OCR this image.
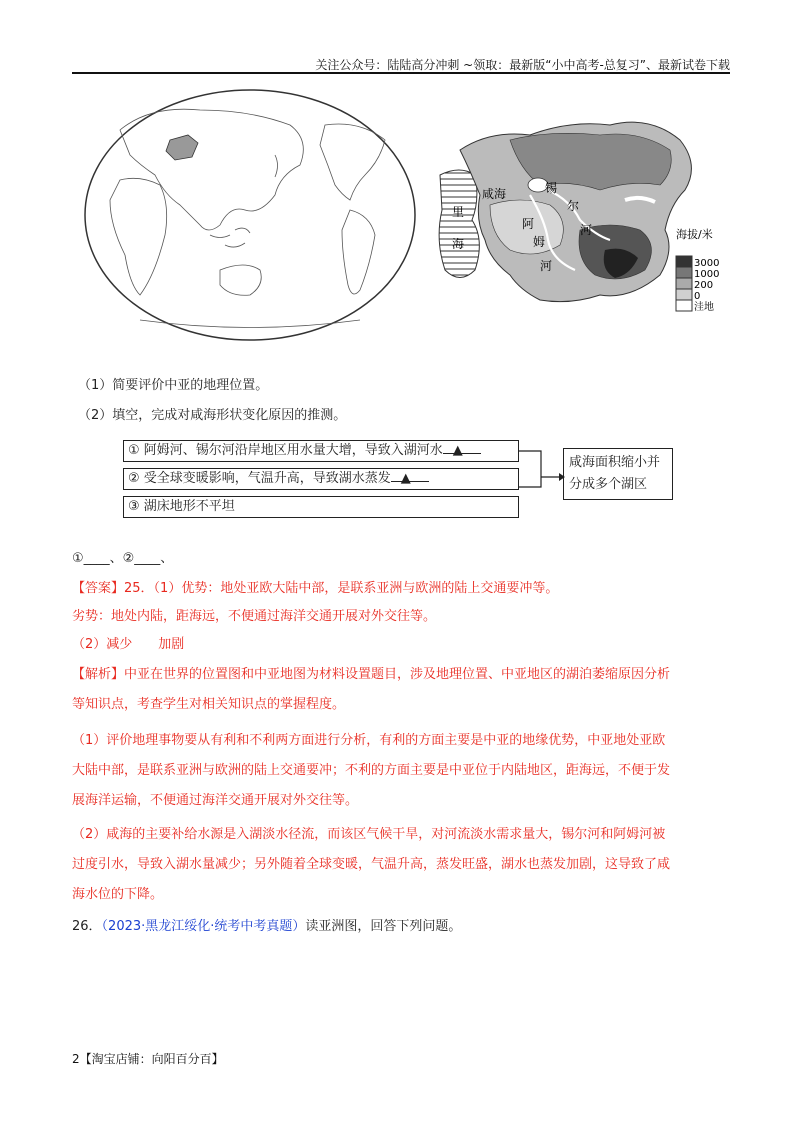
关注公众号：陆陆高分冲刺 ~领取：最新版“小中高考-总复习”、最新试卷下载
咸海
里
海
阿
姆
河
锡
尔
河	海拔/米
3000
1000
200
0
洼地
（1）简要评价中亚的地理位置。
（2）填空，完成对咸海形状变化原因的推测。
① 阿姆河、锡尔河沿岸地区用水量大增，导致入湖河水 ▲
② 受全球变暖影响，气温升高，导致湖水蒸发 ▲
③ 湖床地形不平坦
咸海面积缩小并分成多个湖区
①____、②____、
【答案】25．（1）优势：地处亚欧大陆中部，是联系亚洲与欧洲的陆上交通要冲等。
劣势：地处内陆，距海远，不便通过海洋交通开展对外交往等。
（2）减少　　加剧
【解析】中亚在世界的位置图和中亚地图为材料设置题目，涉及地理位置、中亚地区的湖泊萎缩原因分析
等知识点，考查学生对相关知识点的掌握程度。
（1）评价地理事物要从有利和不利两方面进行分析，有利的方面主要是中亚的地缘优势，中亚地处亚欧
大陆中部，是联系亚洲与欧洲的陆上交通要冲；不利的方面主要是中亚位于内陆地区，距海远，不便于发
展海洋运输，不便通过海洋交通开展对外交往等。
（2）咸海的主要补给水源是入湖淡水径流，而该区气候干旱，对河流淡水需求量大，锡尔河和阿姆河被
过度引水，导致入湖水量减少；另外随着全球变暖，气温升高，蒸发旺盛，湖水也蒸发加剧，这导致了咸
海水位的下降。
26．（2023·黑龙江绥化·统考中考真题）读亚洲图，回答下列问题。
2【淘宝店铺：向阳百分百】
